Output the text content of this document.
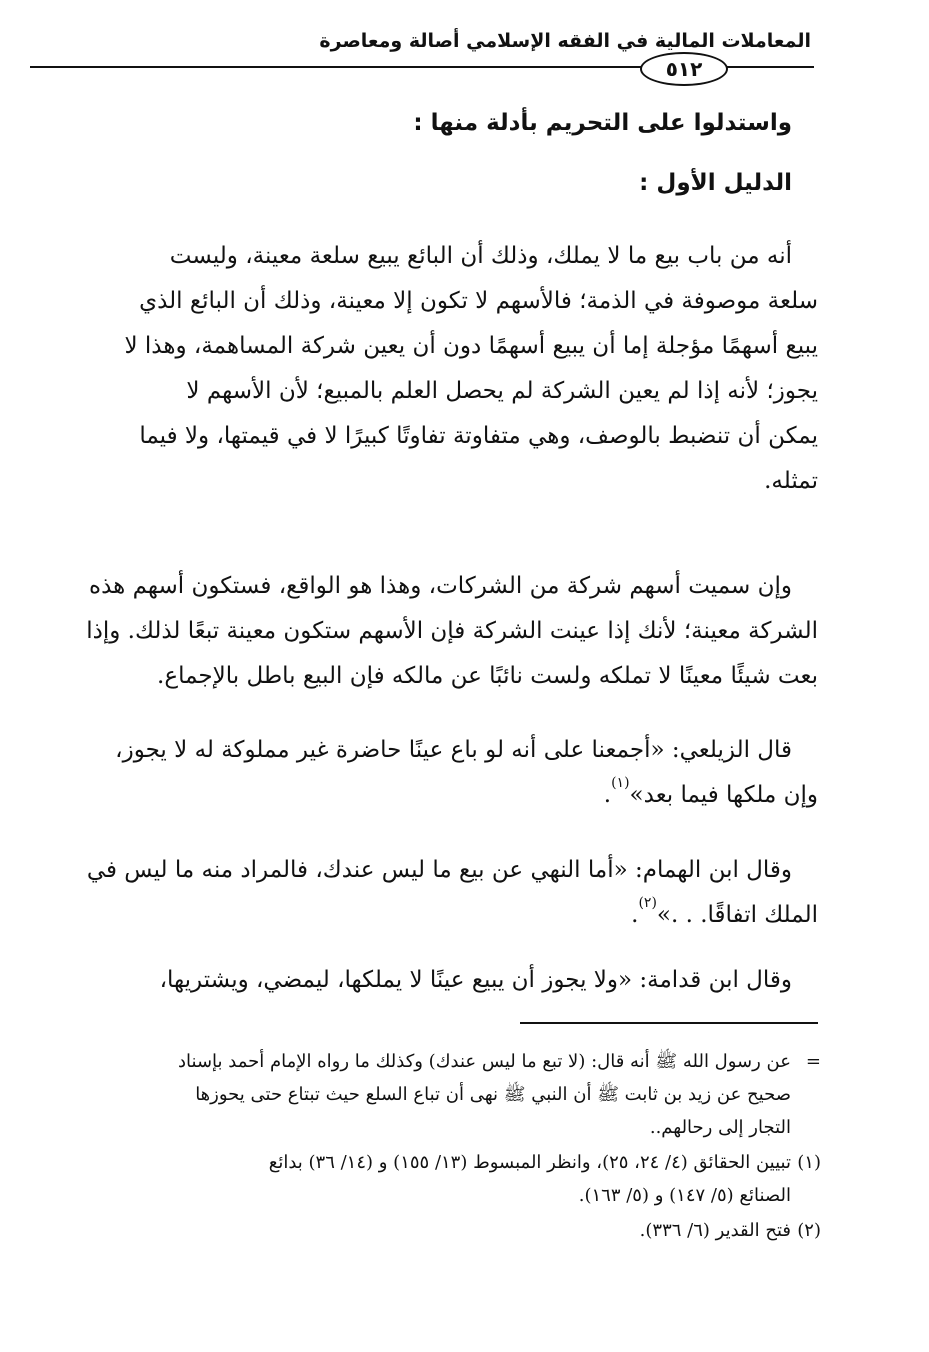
المعاملات المالية في الفقه الإسلامي أصالة ومعاصرة
٥١٢
واستدلوا على التحريم بأدلة منها :
الدليل الأول :
أنه من باب بيع ما لا يملك، وذلك أن البائع يبيع سلعة معينة، وليست
سلعة موصوفة في الذمة؛ فالأسهم لا تكون إلا معينة، وذلك أن البائع الذي
يبيع أسهمًا مؤجلة إما أن يبيع أسهمًا دون أن يعين شركة المساهمة، وهذا لا
يجوز؛ لأنه إذا لم يعين الشركة لم يحصل العلم بالمبيع؛ لأن الأسهم لا
يمكن أن تنضبط بالوصف، وهي متفاوتة تفاوتًا كبيرًا لا في قيمتها، ولا فيما
تمثله.
وإن سميت أسهم شركة من الشركات، وهذا هو الواقع، فستكون أسهم هذه
الشركة معينة؛ لأنك إذا عينت الشركة فإن الأسهم ستكون معينة تبعًا لذلك. وإذا
بعت شيئًا معينًا لا تملكه ولست نائبًا عن مالكه فإن البيع باطل بالإجماع.
قال الزيلعي: «أجمعنا على أنه لو باع عينًا حاضرة غير مملوكة له لا يجوز،
وإن ملكها فيما بعد»$^{(١)}$.
وقال ابن الهمام: «أما النهي عن بيع ما ليس عندك، فالمراد منه ما ليس في
الملك اتفاقًا. . .»$^{(٢)}$.
وقال ابن قدامة: «ولا يجوز أن يبيع عينًا لا يملكها، ليمضي، ويشتريها،
=عن رسول الله ﷺ أنه قال: (لا تبع ما ليس عندك) وكذلك ما رواه الإمام أحمد بإسناد
صحيح عن زيد بن ثابت ﷺ أن النبي ﷺ نهى أن تباع السلع حيث تبتاع حتى يحوزها
التجار إلى رحالهم..
(١)تبيين الحقائق (٤/ ٢٤، ٢٥)، وانظر المبسوط (١٣/ ١٥٥) و (١٤/ ٣٦) بدائع
الصنائع (٥/ ١٤٧) و (٥/ ١٦٣).
(٢)فتح القدير (٦/ ٣٣٦).
